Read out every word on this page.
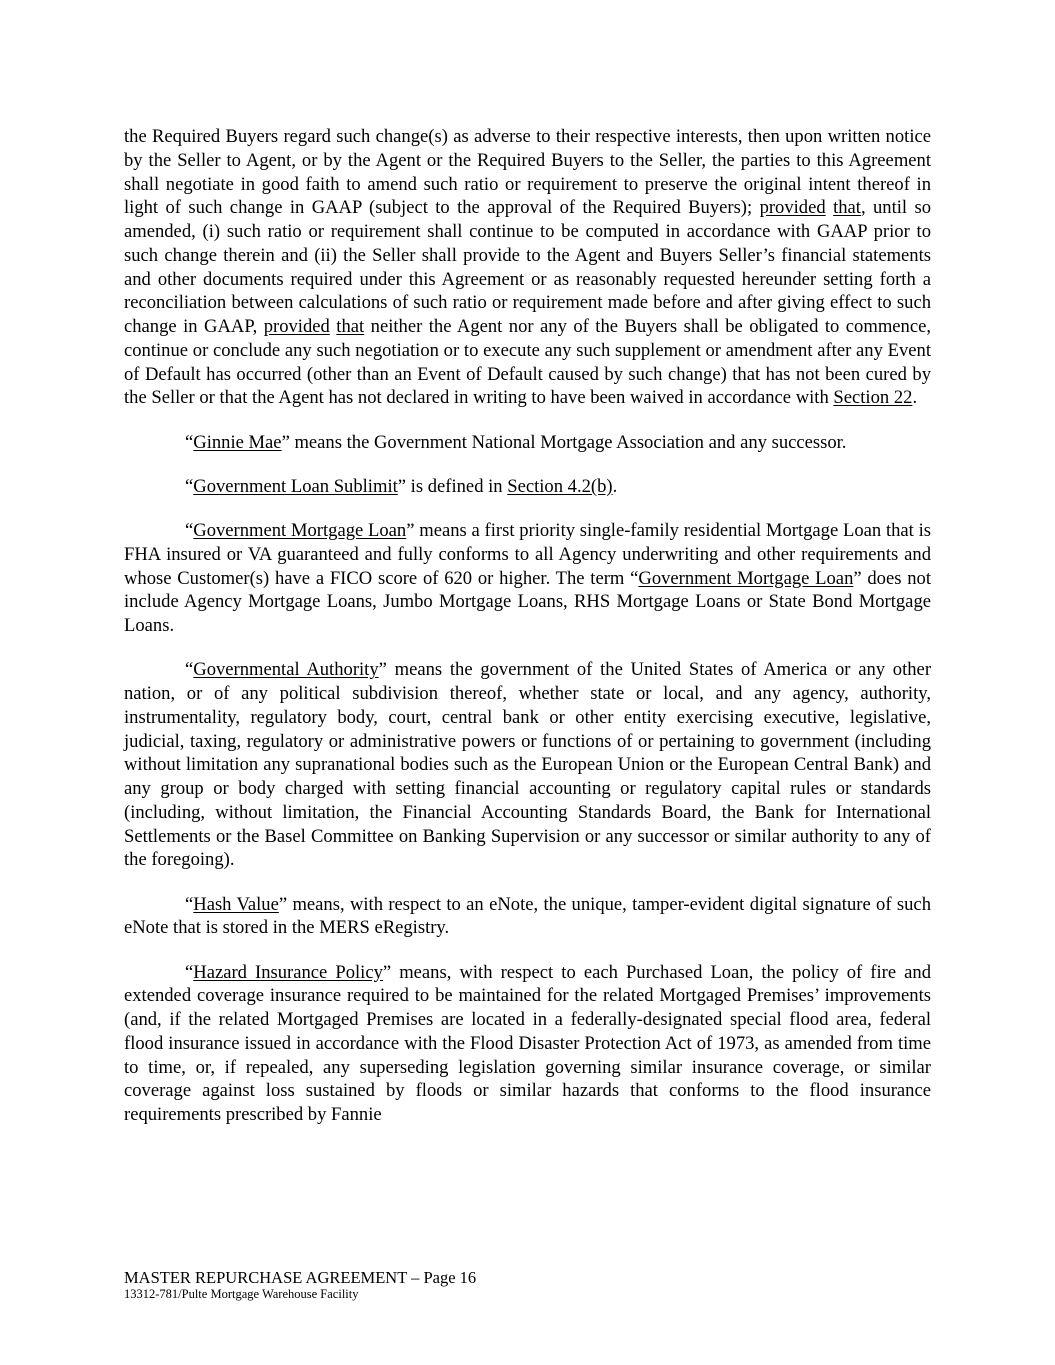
the Required Buyers regard such change(s) as adverse to their respective interests, then upon written notice by the Seller to Agent, or by the Agent or the Required Buyers to the Seller, the parties to this Agreement shall negotiate in good faith to amend such ratio or requirement to preserve the original intent thereof in light of such change in GAAP (subject to the approval of the Required Buyers); provided that, until so amended, (i) such ratio or requirement shall continue to be computed in accordance with GAAP prior to such change therein and (ii) the Seller shall provide to the Agent and Buyers Seller’s financial statements and other documents required under this Agreement or as reasonably requested hereunder setting forth a reconciliation between calculations of such ratio or requirement made before and after giving effect to such change in GAAP, provided that neither the Agent nor any of the Buyers shall be obligated to commence, continue or conclude any such negotiation or to execute any such supplement or amendment after any Event of Default has occurred (other than an Event of Default caused by such change) that has not been cured by the Seller or that the Agent has not declared in writing to have been waived in accordance with Section 22.

“Ginnie Mae” means the Government National Mortgage Association and any successor.

“Government Loan Sublimit” is defined in Section 4.2(b).

“Government Mortgage Loan” means a first priority single-family residential Mortgage Loan that is FHA insured or VA guaranteed and fully conforms to all Agency underwriting and other requirements and whose Customer(s) have a FICO score of 620 or higher. The term “Government Mortgage Loan” does not include Agency Mortgage Loans, Jumbo Mortgage Loans, RHS Mortgage Loans or State Bond Mortgage Loans.

“Governmental Authority” means the government of the United States of America or any other nation, or of any political subdivision thereof, whether state or local, and any agency, authority, instrumentality, regulatory body, court, central bank or other entity exercising executive, legislative, judicial, taxing, regulatory or administrative powers or functions of or pertaining to government (including without limitation any supranational bodies such as the European Union or the European Central Bank) and any group or body charged with setting financial accounting or regulatory capital rules or standards (including, without limitation, the Financial Accounting Standards Board, the Bank for International Settlements or the Basel Committee on Banking Supervision or any successor or similar authority to any of the foregoing).

“Hash Value” means, with respect to an eNote, the unique, tamper-evident digital signature of such eNote that is stored in the MERS eRegistry.

“Hazard Insurance Policy” means, with respect to each Purchased Loan, the policy of fire and extended coverage insurance required to be maintained for the related Mortgaged Premises’ improvements (and, if the related Mortgaged Premises are located in a federally-designated special flood area, federal flood insurance issued in accordance with the Flood Disaster Protection Act of 1973, as amended from time to time, or, if repealed, any superseding legislation governing similar insurance coverage, or similar coverage against loss sustained by floods or similar hazards that conforms to the flood insurance requirements prescribed by Fannie

MASTER REPURCHASE AGREEMENT – Page 16
13312-781/Pulte Mortgage Warehouse Facility
